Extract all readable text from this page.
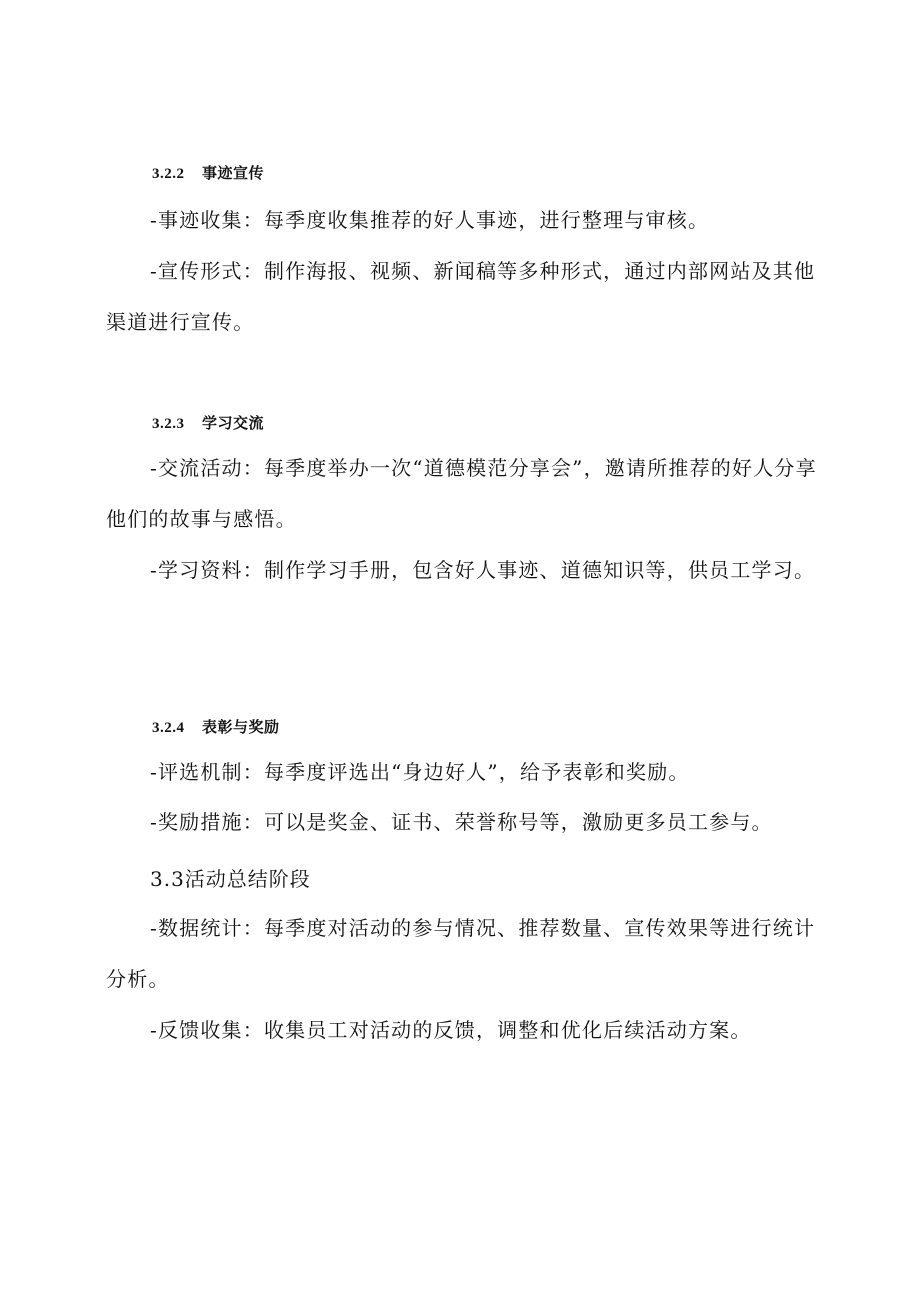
3.2.2 事迹宣传

-事迹收集：每季度收集推荐的好人事迹，进行整理与审核。

-宣传形式：制作海报、视频、新闻稿等多种形式，通过内部网站及其他渠道进行宣传。

3.2.3 学习交流

-交流活动：每季度举办一次“道德模范分享会”，邀请所推荐的好人分享他们的故事与感悟。

-学习资料：制作学习手册，包含好人事迹、道德知识等，供员工学习。

3.2.4 表彰与奖励

-评选机制：每季度评选出“身边好人”，给予表彰和奖励。

-奖励措施：可以是奖金、证书、荣誉称号等，激励更多员工参与。

3.3活动总结阶段

-数据统计：每季度对活动的参与情况、推荐数量、宣传效果等进行统计分析。

-反馈收集：收集员工对活动的反馈，调整和优化后续活动方案。
